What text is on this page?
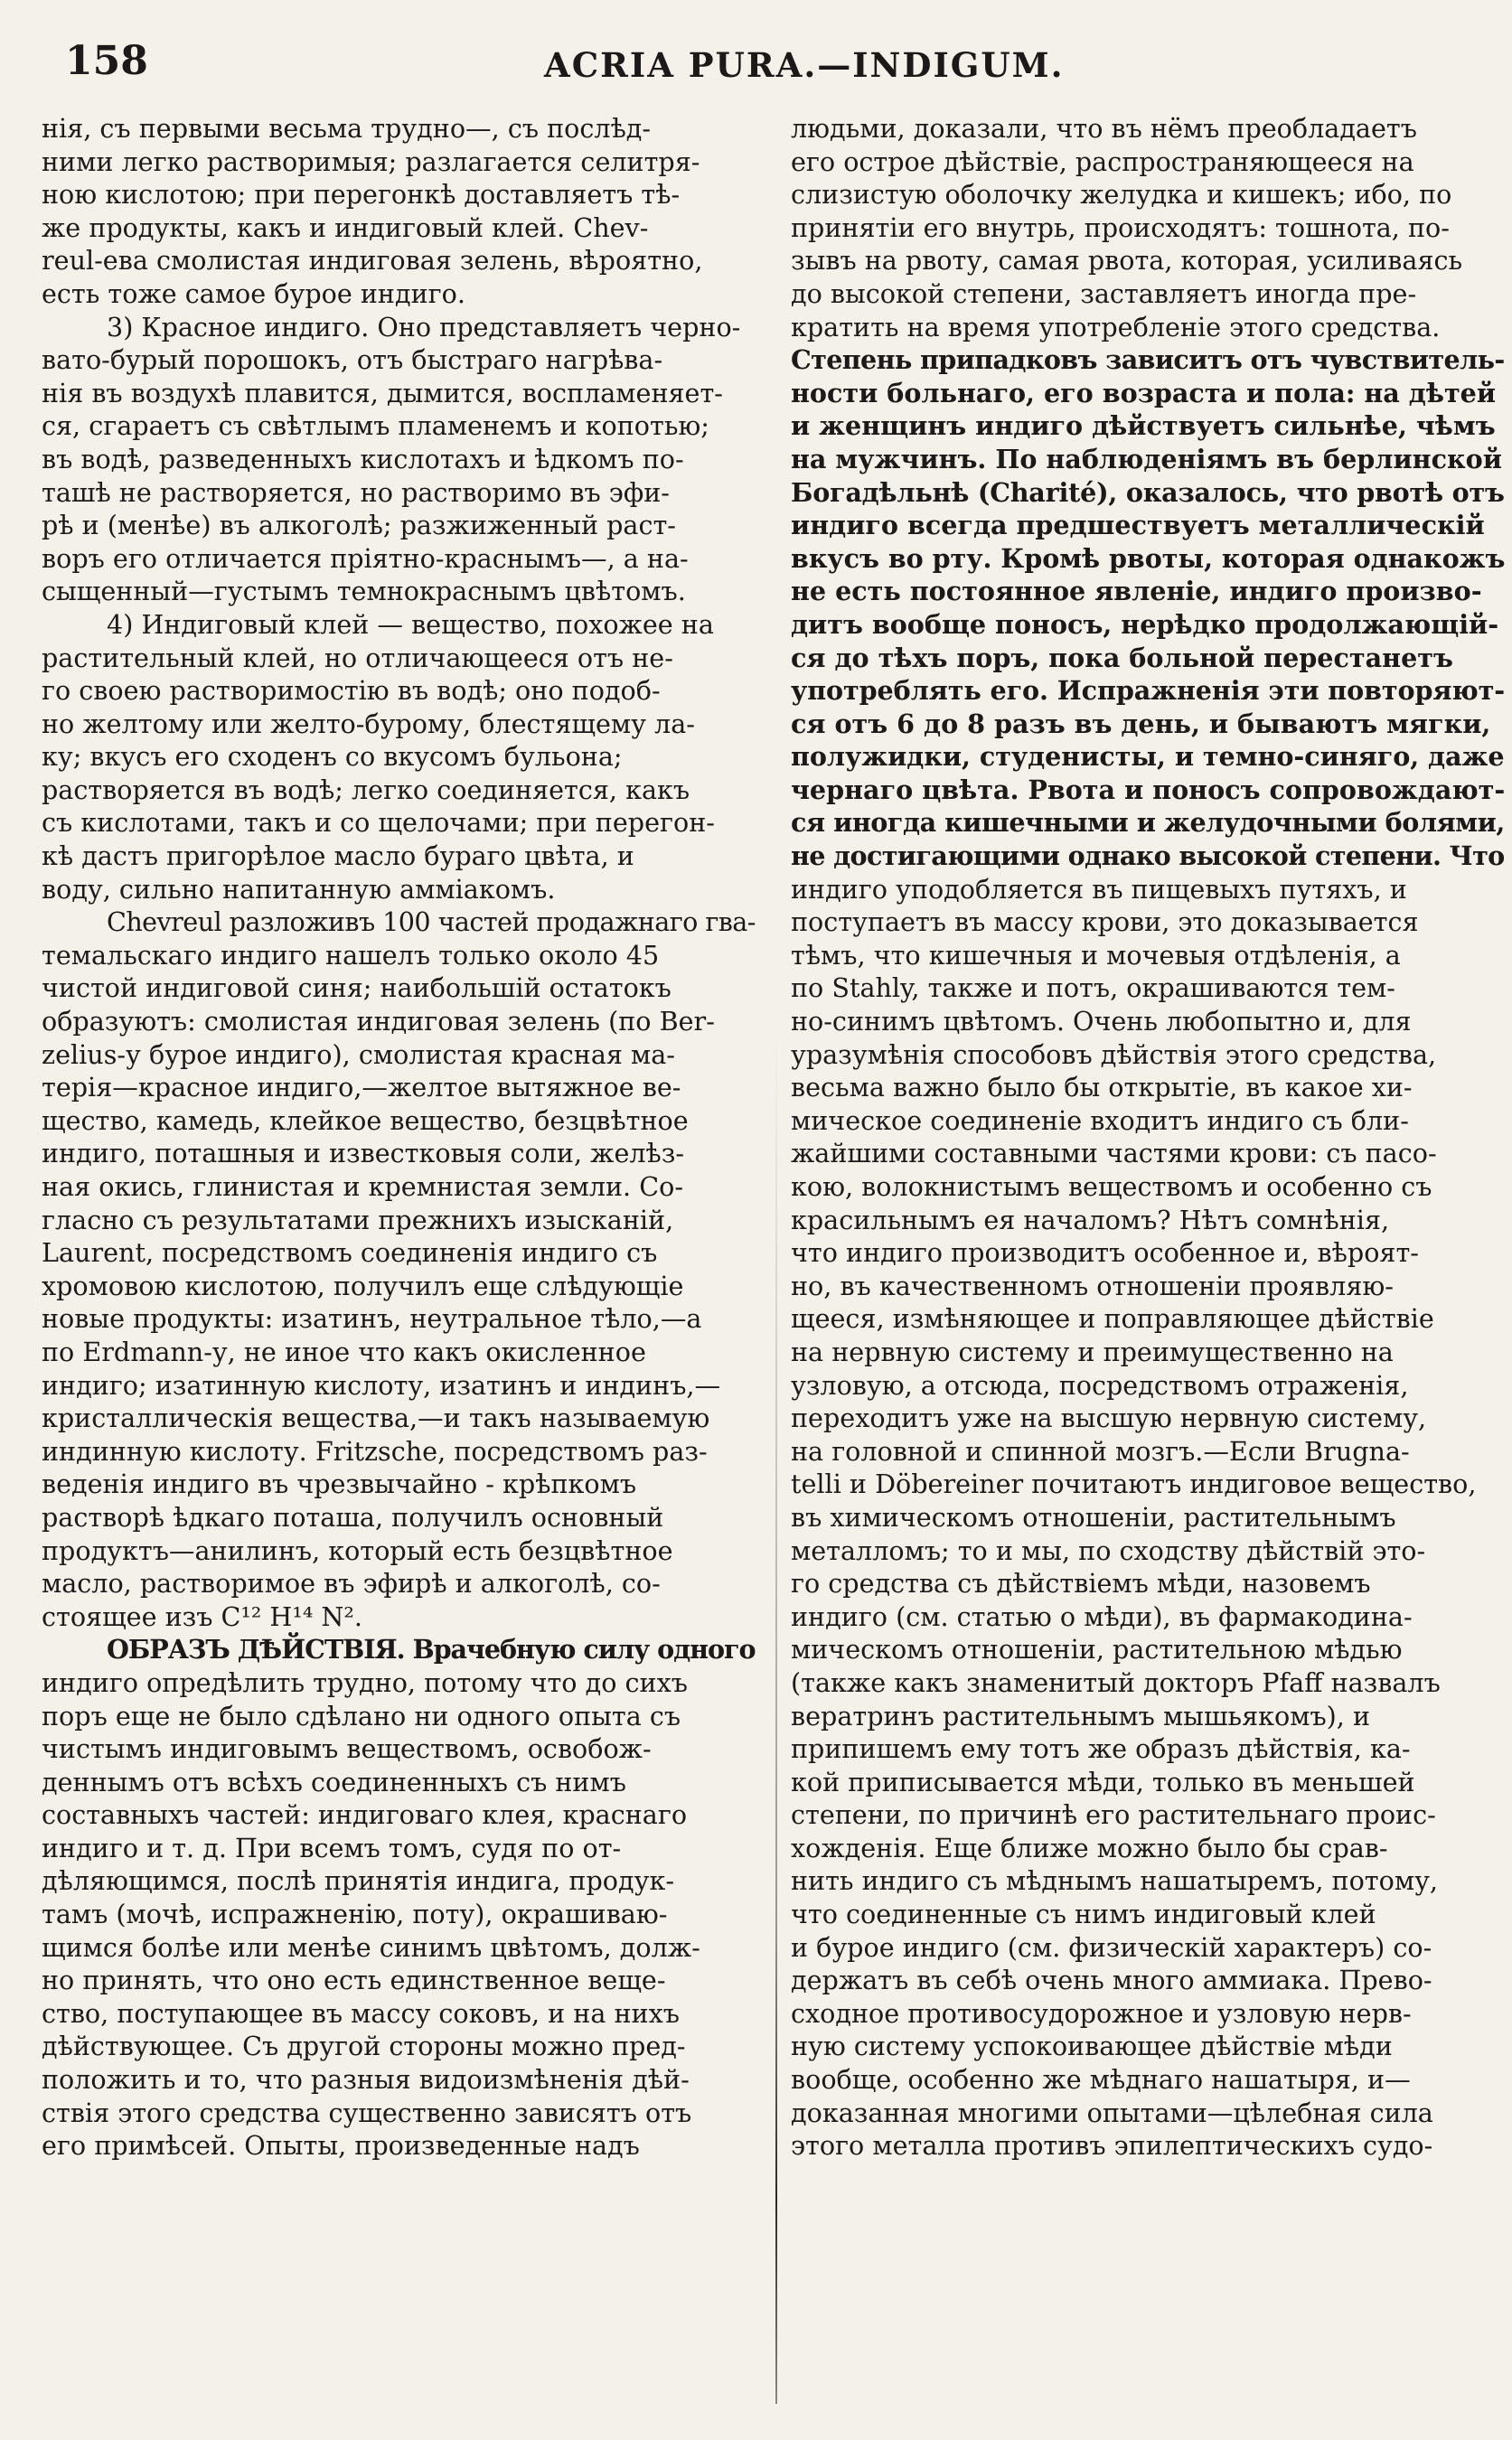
158	ACRIA PURA.—INDIGUM.
нія, съ первыми весьма трудно—, съ послѣд-
ними легко растворимыя; разлагается селитря-
ною кислотою; при перегонкѣ доставляетъ тѣ-
же продукты, какъ и индиговый клей. Chev-
reul-ева смолистая индиговая зелень, вѣроятно,
есть тоже самое бурое индиго.
3) Красное индиго. Оно представляетъ черно-
вато-бурый порошокъ, отъ быстраго нагрѣва-
нія въ воздухѣ плавится, дымится, воспламеняет-
ся, сгараетъ съ свѣтлымъ пламенемъ и копотью;
въ водѣ, разведенныхъ кислотахъ и ѣдкомъ по-
ташѣ не растворяется, но растворимо въ эфи-
рѣ и (менѣе) въ алкоголѣ; разжиженный раст-
воръ его отличается пріятно-краснымъ—, а на-
сыщенный—густымъ темнокраснымъ цвѣтомъ.
4) Индиговый клей — вещество, похожее на
растительный клей, но отличающееся отъ не-
го своею растворимостію въ водѣ; оно подоб-
но желтому или желто-бурому, блестящему ла-
ку; вкусъ его сходенъ со вкусомъ бульона;
растворяется въ водѣ; легко соединяется, какъ
съ кислотами, такъ и со щелочами; при перегон-
кѣ дастъ пригорѣлое масло бураго цвѣта, и
воду, сильно напитанную амміакомъ.
Chevreul разложивъ 100 частей продажнаго гва-
темальскаго индиго нашелъ только около 45
чистой индиговой синя; наибольшій остатокъ
образуютъ: смолистая индиговая зелень (по Ber-
zelius-у бурое индиго), смолистая красная ма-
терія—красное индиго,—желтое вытяжное ве-
щество, камедь, клейкое вещество, безцвѣтное
индиго, поташныя и известковыя соли, желѣз-
ная окись, глинистая и кремнистая земли. Со-
гласно съ результатами прежнихъ изысканій,
Laurent, посредствомъ соединенія индиго съ
хромовою кислотою, получилъ еще слѣдующіе
новые продукты: изатинъ, неутральное тѣло,—а
по Erdmann-у, не иное что какъ окисленное
индиго; изатинную кислоту, изатинъ и индинъ,—
кристаллическія вещества,—и такъ называемую
индинную кислоту. Fritzsche, посредствомъ раз-
веденія индиго въ чрезвычайно - крѣпкомъ
растворѣ ѣдкаго поташа, получилъ основный
продуктъ—анилинъ, который есть безцвѣтное
масло, растворимое въ эфирѣ и алкоголѣ, со-
стоящее изъ C¹² H¹⁴ N².
ОБРАЗЪ ДѢЙСТВІЯ. Врачебную силу одного
индиго опредѣлить трудно, потому что до сихъ
поръ еще не было сдѣлано ни одного опыта съ
чистымъ индиговымъ веществомъ, освобож-
деннымъ отъ всѣхъ соединенныхъ съ нимъ
составныхъ частей: индиговаго клея, краснаго
индиго и т. д. При всемъ томъ, судя по от-
дѣляющимся, послѣ принятія индига, продук-
тамъ (мочѣ, испражненію, поту), окрашиваю-
щимся болѣе или менѣе синимъ цвѣтомъ, долж-
но принять, что оно есть единственное веще-
ство, поступающее въ массу соковъ, и на нихъ
дѣйствующее. Съ другой стороны можно пред-
положить и то, что разныя видоизмѣненія дѣй-
ствія этого средства существенно зависятъ отъ
его примѣсей. Опыты, произведенные надъ
людьми, доказали, что въ нёмъ преобладаетъ
его острое дѣйствіе, распространяющееся на
слизистую оболочку желудка и кишекъ; ибо, по
принятіи его внутрь, происходятъ: тошнота, по-
зывъ на рвоту, самая рвота, которая, усиливаясь
до высокой степени, заставляетъ иногда пре-
кратить на время употребленіе этого средства.
Степень припадковъ зависитъ отъ чувствитель-
ности больнаго, его возраста и пола: на дѣтей
и женщинъ индиго дѣйствуетъ сильнѣе, чѣмъ
на мужчинъ. По наблюденіямъ въ берлинской
Богадѣльнѣ (Charité), оказалось, что рвотѣ отъ
индиго всегда предшествуетъ металлическій
вкусъ во рту. Кромѣ рвоты, которая однакожъ
не есть постоянное явленіе, индиго произво-
дитъ вообще поносъ, нерѣдко продолжающій-
ся до тѣхъ поръ, пока больной перестанетъ
употреблять его. Испражненія эти повторяют-
ся отъ 6 до 8 разъ въ день, и бываютъ мягки,
полужидки, студенисты, и темно-синяго, даже
чернаго цвѣта. Рвота и поносъ сопровождают-
ся иногда кишечными и желудочными болями,
не достигающими однако высокой степени. Что
индиго уподобляется въ пищевыхъ путяхъ, и
поступаетъ въ массу крови, это доказывается
тѣмъ, что кишечныя и мочевыя отдѣленія, а
по Stahly, также и потъ, окрашиваются тем-
но-синимъ цвѣтомъ. Очень любопытно и, для
уразумѣнія способовъ дѣйствія этого средства,
весьма важно было бы открытіе, въ какое хи-
мическое соединеніе входитъ индиго съ бли-
жайшими составными частями крови: съ пасо-
кою, волокнистымъ веществомъ и особенно съ
красильнымъ ея началомъ? Нѣтъ сомнѣнія,
что индиго производитъ особенное и, вѣроят-
но, въ качественномъ отношеніи проявляю-
щееся, измѣняющее и поправляющее дѣйствіе
на нервную систему и преимущественно на
узловую, а отсюда, посредствомъ отраженія,
переходитъ уже на высшую нервную систему,
на головной и спинной мозгъ.—Если Brugna-
telli и Döbereiner почитаютъ индиговое вещество,
въ химическомъ отношеніи, растительнымъ
металломъ; то и мы, по сходству дѣйствій это-
го средства съ дѣйствіемъ мѣди, назовемъ
индиго (см. статью о мѣди), въ фармакодина-
мическомъ отношеніи, растительною мѣдью
(также какъ знаменитый докторъ Pfaff назвалъ
вератринъ растительнымъ мышьякомъ), и
припишемъ ему тотъ же образъ дѣйствія, ка-
кой приписывается мѣди, только въ меньшей
степени, по причинѣ его растительнаго проис-
хожденія. Еще ближе можно было бы срав-
нить индиго съ мѣднымъ нашатыремъ, потому,
что соединенные съ нимъ индиговый клей
и бурое индиго (см. физическій характеръ) со-
держатъ въ себѣ очень много аммиака. Прево-
сходное противосудорожное и узловую нерв-
ную систему успокоивающее дѣйствіе мѣди
вообще, особенно же мѣднаго нашатыря, и—
доказанная многими опытами—цѣлебная сила
этого металла противъ эпилептическихъ судо-
